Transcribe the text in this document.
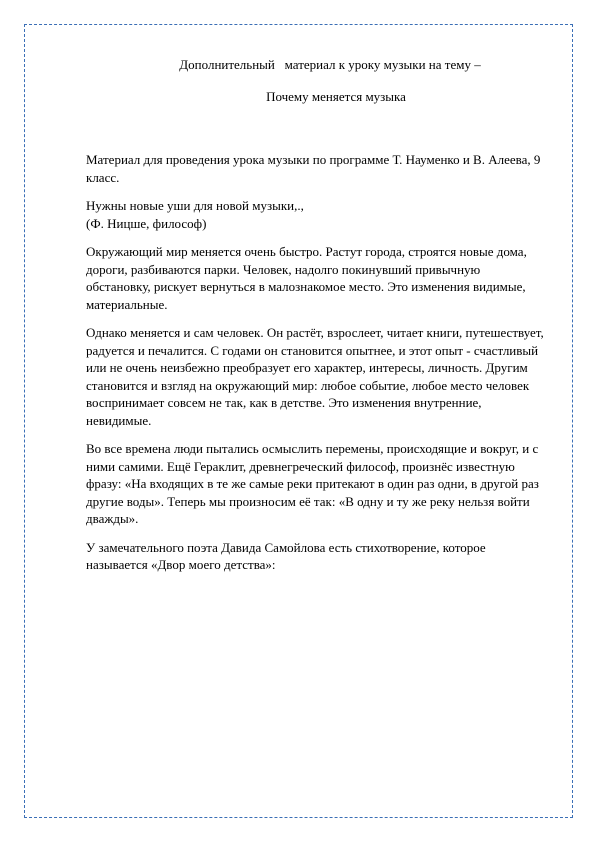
Дополнительный   материал к уроку музыки на тему –

Почему меняется музыка

Материал для проведения урока музыки по программе Т. Науменко и В. Алеева, 9 класс.

Нужны новые уши для новой музыки,.,
(Ф. Ницше, философ)

Окружающий мир меняется очень быстро. Растут города, строятся новые дома, дороги, разбиваются парки. Человек, надолго покинувший привычную обстановку, рискует вернуться в малознакомое место. Это изменения видимые, материальные.

Однако меняется и сам человек. Он растёт, взрослеет, читает книги, путешествует, радуется и печалится. С годами он становится опытнее, и этот опыт - счастливый или не очень неизбежно преобразует его характер, интересы, личность. Другим становится и взгляд на окружающий мир: любое событие, любое место человек воспринимает совсем не так, как в детстве. Это изменения внутренние, невидимые.

Во все времена люди пытались осмыслить перемены, происходящие и вокруг, и с ними самими. Ещё Гераклит, древнегреческий философ, произнёс известную фразу: «На входящих в те же самые реки притекают в один раз одни, в другой раз другие воды». Теперь мы произносим её так: «В одну и ту же реку нельзя войти дважды».

У замечательного поэта Давида Самойлова есть стихотворение, которое называется «Двор моего детства»:
